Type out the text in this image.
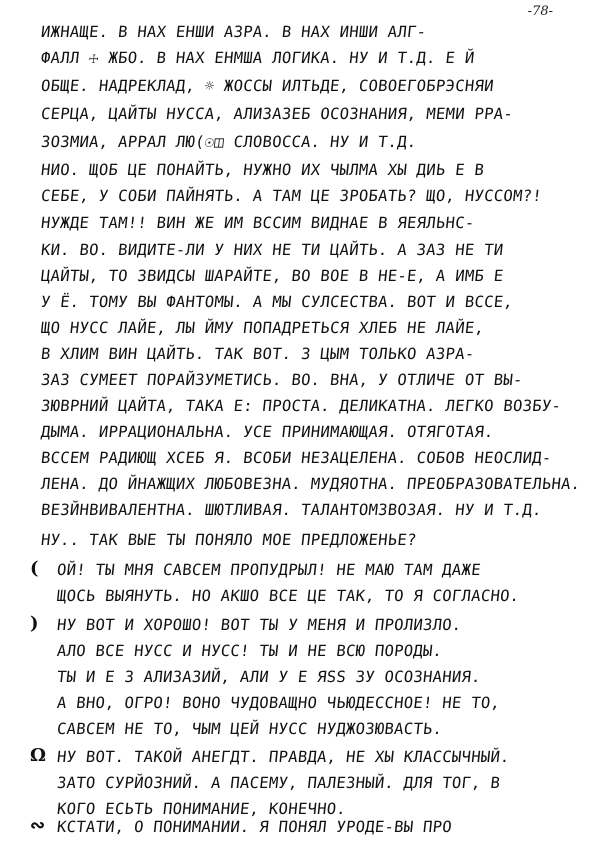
-78-
ИЖНАЩЕ. В НАХ ЕНШИ АЗРА. В НАХ ИНШИ АЛГ-
ФАЛЛ ☩ ЖБО. В НАХ ЕНМША ЛОГИКА. НУ И Т.Д. Е Й
ОБЩЕ. НАДРЕКЛАД, ☼ ЖОССЫ ИЛТЬДЕ, СОВОЕГОБРЭСНЯИ
СЕРЦА, ЦАЙТЫ НУССА, АЛИЗАЗЕБ ОСОЗНАНИЯ, МЕМИ РРА-
ЗОЗМИА, АРРАЛ ЛЮ(☉◫ СЛОВОССА. НУ И Т.Д.
НИО. ЩОБ ЦЕ ПОНАЙТЬ, НУЖНО ИХ ЧЫЛМА ХЫ ДИЬ Е В
СЕБЕ, У СОБИ ПАЙНЯТЬ. А ТАМ ЦЕ ЗРОБАТЬ? ЩО, НУССОМ?!
НУЖДЕ ТАМ!! ВИН ЖЕ ИМ ВССИМ ВИДНАЕ В ЯЕЯЛЬНС-
КИ. ВО. ВИДИТЕ-ЛИ У НИХ НЕ ТИ ЦАЙТЬ. А ЗАЗ НЕ ТИ
ЦАЙТЫ, ТО ЗВИДСЫ ШАРАЙТЕ, ВО ВОЕ В НЕ-Е, А ИМБ Е
У Ё. ТОМУ ВЫ ФАНТОМЫ. А МЫ СУЛСЕСТВА. ВОТ И ВССЕ,
ЩО НУСС ЛАЙЕ, ЛЫ ЙМУ ПОПАДРЕТЬСЯ ХЛЕБ НЕ ЛАЙЕ,
В ХЛИМ ВИН ЦАЙТЬ. ТАК ВОТ. З ЦЫМ ТОЛЬКО АЗРА-
ЗАЗ СУМЕЕТ ПОРАЙЗУМЕТИСЬ. ВО. ВНА, У ОТЛИЧЕ ОТ ВЫ-
ЗЮВРНИЙ ЦАЙТА, ТАКА Е: ПРОСТА. ДЕЛИКАТНА. ЛЕГКО ВОЗБУ-
ДЫМА. ИРРАЦИОНАЛЬНА. УСЕ ПРИНИМАЮЩАЯ. ОТЯГОТАЯ.
ВССЕМ РАДИЮЩ ХСЕБ Я. ВСОБИ НЕЗАЦЕЛЕНА. СОБОВ НЕОСЛИД-
ЛЕНА. ДО ЙНАЖЩИХ ЛЮБОВЕЗНА. МУДЯОТНА. ПРЕОБРАЗОВАТЕЛЬНА.
ВЕЗЙНВИВАЛЕНТНА. ШЮТЛИВАЯ. ТАЛАНТОМЗВОЗАЯ. НУ И Т.Д.
НУ.. ТАК ВЫЕ ТЫ ПОНЯЛО МОЕ ПРЕДЛОЖЕНЬЕ?
(	ОЙ! ТЫ МНЯ САВСЕМ ПРОПУДРЫЛ! НЕ МАЮ ТАМ ДАЖЕ
ЩОСЬ ВЫЯНУТЬ. НО АКШО ВСЕ ЦЕ ТАК, ТО Я СОГЛАСНО.
)	НУ ВОТ И ХОРОШО! ВОТ ТЫ У МЕНЯ И ПРОЛИЗЛО.
АЛО ВСЕ НУСС И НУСС! ТЫ И НЕ ВСЮ ПОРОДЫ.
ТЫ И Е З АЛИЗАЗИЙ, АЛИ У Е ЯЅЅ ЗУ ОСОЗНАНИЯ.
А ВНО, ОГРО! ВОНО ЧУДОВАЩНО ЧЬЮДЕССНОЕ! НЕ ТО,
САВСЕМ НЕ ТО, ЧЫМ ЦЕЙ НУСС НУДЖОЗЮВАСТЬ.
Ω НУ ВОТ. ТАКОЙ АНЕГДТ. ПРАВДА, НЕ ХЫ КЛАССЫЧНЫЙ.
ЗАТО СУРЙОЗНИЙ. А ПАСЕМУ, ПАЛЕЗНЫЙ. ДЛЯ ТОГ, В
КОГО ЕСЬТЬ ПОНИМАНИЕ, КОНЕЧНО.
∾ КСТАТИ, О ПОНИМАНИИ. Я ПОНЯЛ УРОДЕ-ВЫ ПРО
